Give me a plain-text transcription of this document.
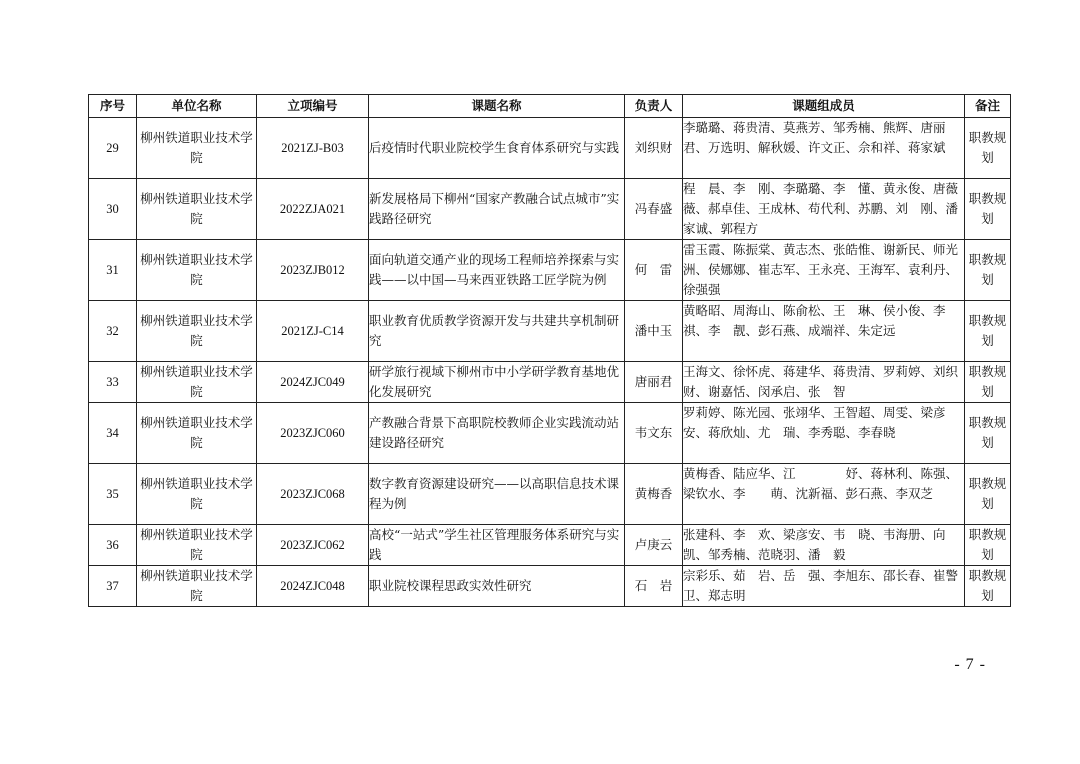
序号	单位名称	立项编号	课题名称	负责人	课题组成员	备注
29	柳州铁道职业技术学院	2021ZJ-B03	后疫情时代职业院校学生食育体系研究与实践	刘织财	李璐璐、蒋贵清、莫燕芳、邹秀楠、熊辉、唐丽君、万选明、解秋媛、许文正、佘和祥、蒋家斌	职教规划
30	柳州铁道职业技术学院	2022ZJA021	新发展格局下柳州“国家产教融合试点城市”实践路径研究	冯春盛	程　晨、李　刚、李璐璐、李　懂、黄永俊、唐薇薇、郝卓佳、王成林、苟代利、苏鹏、刘　刚、潘家诚、郭程方	职教规划
31	柳州铁道职业技术学院	2023ZJB012	面向轨道交通产业的现场工程师培养探索与实践——以中国—马来西亚铁路工匠学院为例	何　雷	雷玉霞、陈振棠、黄志杰、张皓惟、谢新民、师光洲、侯娜娜、崔志军、王永亮、王海军、袁利丹、徐强强	职教规划
32	柳州铁道职业技术学院	2021ZJ-C14	职业教育优质教学资源开发与共建共享机制研究	潘中玉	黄略昭、周海山、陈俞松、王　琳、侯小俊、李　祺、李　靓、彭石燕、成端祥、朱定远	职教规划
33	柳州铁道职业技术学院	2024ZJC049	研学旅行视域下柳州市中小学研学教育基地优化发展研究	唐丽君	王海文、徐怀虎、蒋建华、蒋贵清、罗莉婷、刘织财、谢嘉恬、闵承启、张　智	职教规划
34	柳州铁道职业技术学院	2023ZJC060	产教融合背景下高职院校教师企业实践流动站建设路径研究	韦文东	罗莉婷、陈光园、张翊华、王智超、周雯、梁彦安、蒋欣灿、尤　瑞、李秀聪、李春晓	职教规划
35	柳州铁道职业技术学院	2023ZJC068	数字教育资源建设研究——以高职信息技术课程为例	黄梅香	黄梅香、陆应华、江　　　　妤、蒋林利、陈强、梁钦水、李　　萌、沈新福、彭石燕、李双芝	职教规划
36	柳州铁道职业技术学院	2023ZJC062	高校“一站式”学生社区管理服务体系研究与实践	卢庚云	张建科、李　欢、梁彦安、韦　晓、韦海册、向　凯、邹秀楠、范晓羽、潘　毅	职教规划
37	柳州铁道职业技术学院	2024ZJC048	职业院校课程思政实效性研究	石　岩	宗彩乐、茹　岩、岳　强、李旭东、邵长春、崔警卫、郑志明	职教规划
- 7 -
